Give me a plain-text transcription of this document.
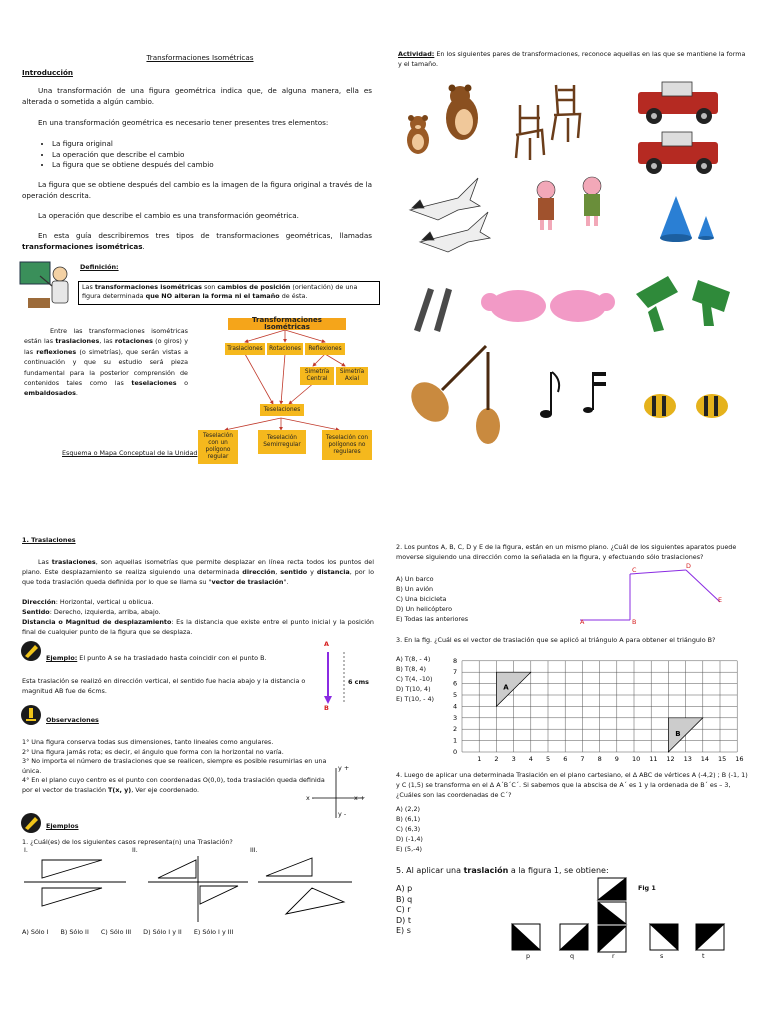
Transformaciones Isométricas
Introducción
Una transformación de una figura geométrica indica que, de alguna manera, ella es alterada o sometida a algún cambio.
En una transformación geométrica es necesario tener presentes tres elementos:
• La figura original
• La operación que describe el cambio
• La figura que se obtiene después del cambio
La figura que se obtiene después del cambio es la imagen de la figura original a través de la operación descrita.
La operación que describe el cambio es una transformación geométrica.
En esta guía describiremos tres tipos de transformaciones geométricas, llamadas transformaciones isométricas.
Definición:
Las transformaciones isométricas son cambios de posición (orientación) de una figura determinada que NO alteran la forma ni el tamaño de ésta.
Entre las transformaciones isométricas están las traslaciones, las rotaciones (o giros) y las reflexiones (o simetrías), que serán vistas a continuación y que su estudio será pieza fundamental para la posterior comprensión de contenidos tales como las teselaciones o embaldosados.
Transformaciones Isométricas
Traslaciones	Rotaciones	Reflexiones
Simetría Central
Simetría Axial
Teselaciones
Teselación con un polígono regular
Teselación Semirregular
Teselación con polígonos no regulares
Esquema o Mapa Conceptual de la Unidad
Actividad: En los siguientes pares de transformaciones, reconoce aquellas en las que se mantiene la forma y el tamaño.
1. Traslaciones
Las traslaciones, son aquellas isometrías que permite desplazar en línea recta todos los puntos del plano. Este desplazamiento se realiza siguiendo una determinada dirección, sentido y distancia, por lo que toda traslación queda definida por lo que se llama su "vector de traslación".
Dirección: Horizontal, vertical u oblicua.
Sentido: Derecho, izquierda, arriba, abajo.
Distancia o Magnitud de desplazamiento: Es la distancia que existe entre el punto inicial y la posición final de cualquier punto de la figura que se desplaza.
Ejemplo: El punto A se ha trasladado hasta coincidir con el punto B.
Esta traslación se realizó en dirección vertical, el sentido fue hacia abajo y la distancia o magnitud AB fue de 6cms.
A
6 cms
B
Observaciones
1° Una figura conserva todas sus dimensiones, tanto lineales como angulares.
2° Una figura jamás rota; es decir, el ángulo que forma con la horizontal no varía.
3° No importa el número de traslaciones que se realicen, siempre es posible resumirlas en una única.
4° En el plano cuyo centro es el punto con coordenadas O(0,0), toda traslación queda definida por el vector de traslación T(x, y), Ver eje coordenado.
y +
y -
x +
x -
Ejemplos
1. ¿Cuál(es) de los siguientes casos representa(n) una Traslación?
I.	II.	III.
A) Sólo I B) Sólo II C) Sólo III D) Sólo I y II E) Sólo I y III
2. Los puntos A, B, C, D y E de la figura, están en un mismo plano. ¿Cuál de los siguientes aparatos puede moverse siguiendo una dirección como la señalada en la figura, y efectuando sólo traslaciones?
A) Un barco
B) Un avión
C) Una bicicleta
D) Un helicóptero
E) Todas las anteriores	A	B
C	D
E
3. En la fig. ¿Cuál es el vector de traslación que se aplicó al triángulo A para obtener el triángulo B?
A) T(8, - 4)
B) T(8, 4)
C) T(4, -10)
D) T(10, 4)
E) T(10, - 4)
1 2 3 4 5 6 7 8 9 10 11 12 13 14 15 16
8
7
6
5
4
3
2
1
0
A
B
4. Luego de aplicar una determinada Traslación en el plano cartesiano, el Δ ABC de vértices A (-4,2) ; B (-1, 1) y C (1,5) se transforma en el Δ A´B´C´. Si sabemos que la abscisa de A´ es 1 y la ordenada de B´ es – 3, ¿Cuáles son las coordenadas de C´?
A) (2,2)
B) (6,1)
C) (6,3)
D) (-1,4)
E) (5,-4)
5. Al aplicar una traslación a la figura 1, se obtiene:
A) p
B) q
C) r
D) t
E) s
Fig 1
p	q	r	s	t
